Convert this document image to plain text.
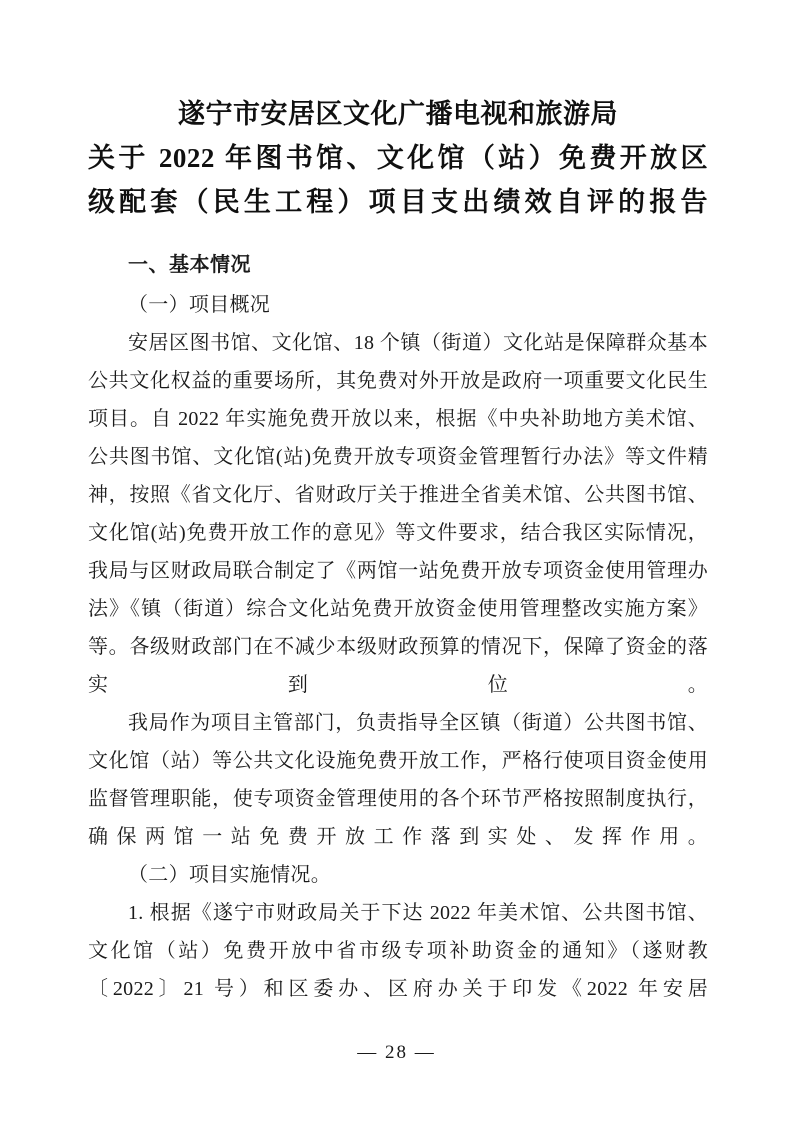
遂宁市安居区文化广播电视和旅游局
关于 2022 年图书馆、文化馆（站）免费开放区
级配套（民生工程）项目支出绩效自评的报告
一、基本情况

（一）项目概况

安居区图书馆、文化馆、18 个镇（街道）文化站是保障群众基本公共文化权益的重要场所，其免费对外开放是政府一项重要文化民生项目。自 2022 年实施免费开放以来，根据《中央补助地方美术馆、公共图书馆、文化馆(站)免费开放专项资金管理暂行办法》等文件精神，按照《省文化厅、省财政厅关于推进全省美术馆、公共图书馆、文化馆(站)免费开放工作的意见》等文件要求，结合我区实际情况，我局与区财政局联合制定了《两馆一站免费开放专项资金使用管理办法》《镇（街道）综合文化站免费开放资金使用管理整改实施方案》等。各级财政部门在不减少本级财政预算的情况下，保障了资金的落实到位。

我局作为项目主管部门，负责指导全区镇（街道）公共图书馆、文化馆（站）等公共文化设施免费开放工作，严格行使项目资金使用监督管理职能，使专项资金管理使用的各个环节严格按照制度执行，确保两馆一站免费开放工作落到实处、发挥作用。

（二）项目实施情况。

1. 根据《遂宁市财政局关于下达 2022 年美术馆、公共图书馆、文化馆（站）免费开放中省市级专项补助资金的通知》（遂财教〔2022〕21 号）和区委办、区府办关于印发《2022 年安居

— 28 —
